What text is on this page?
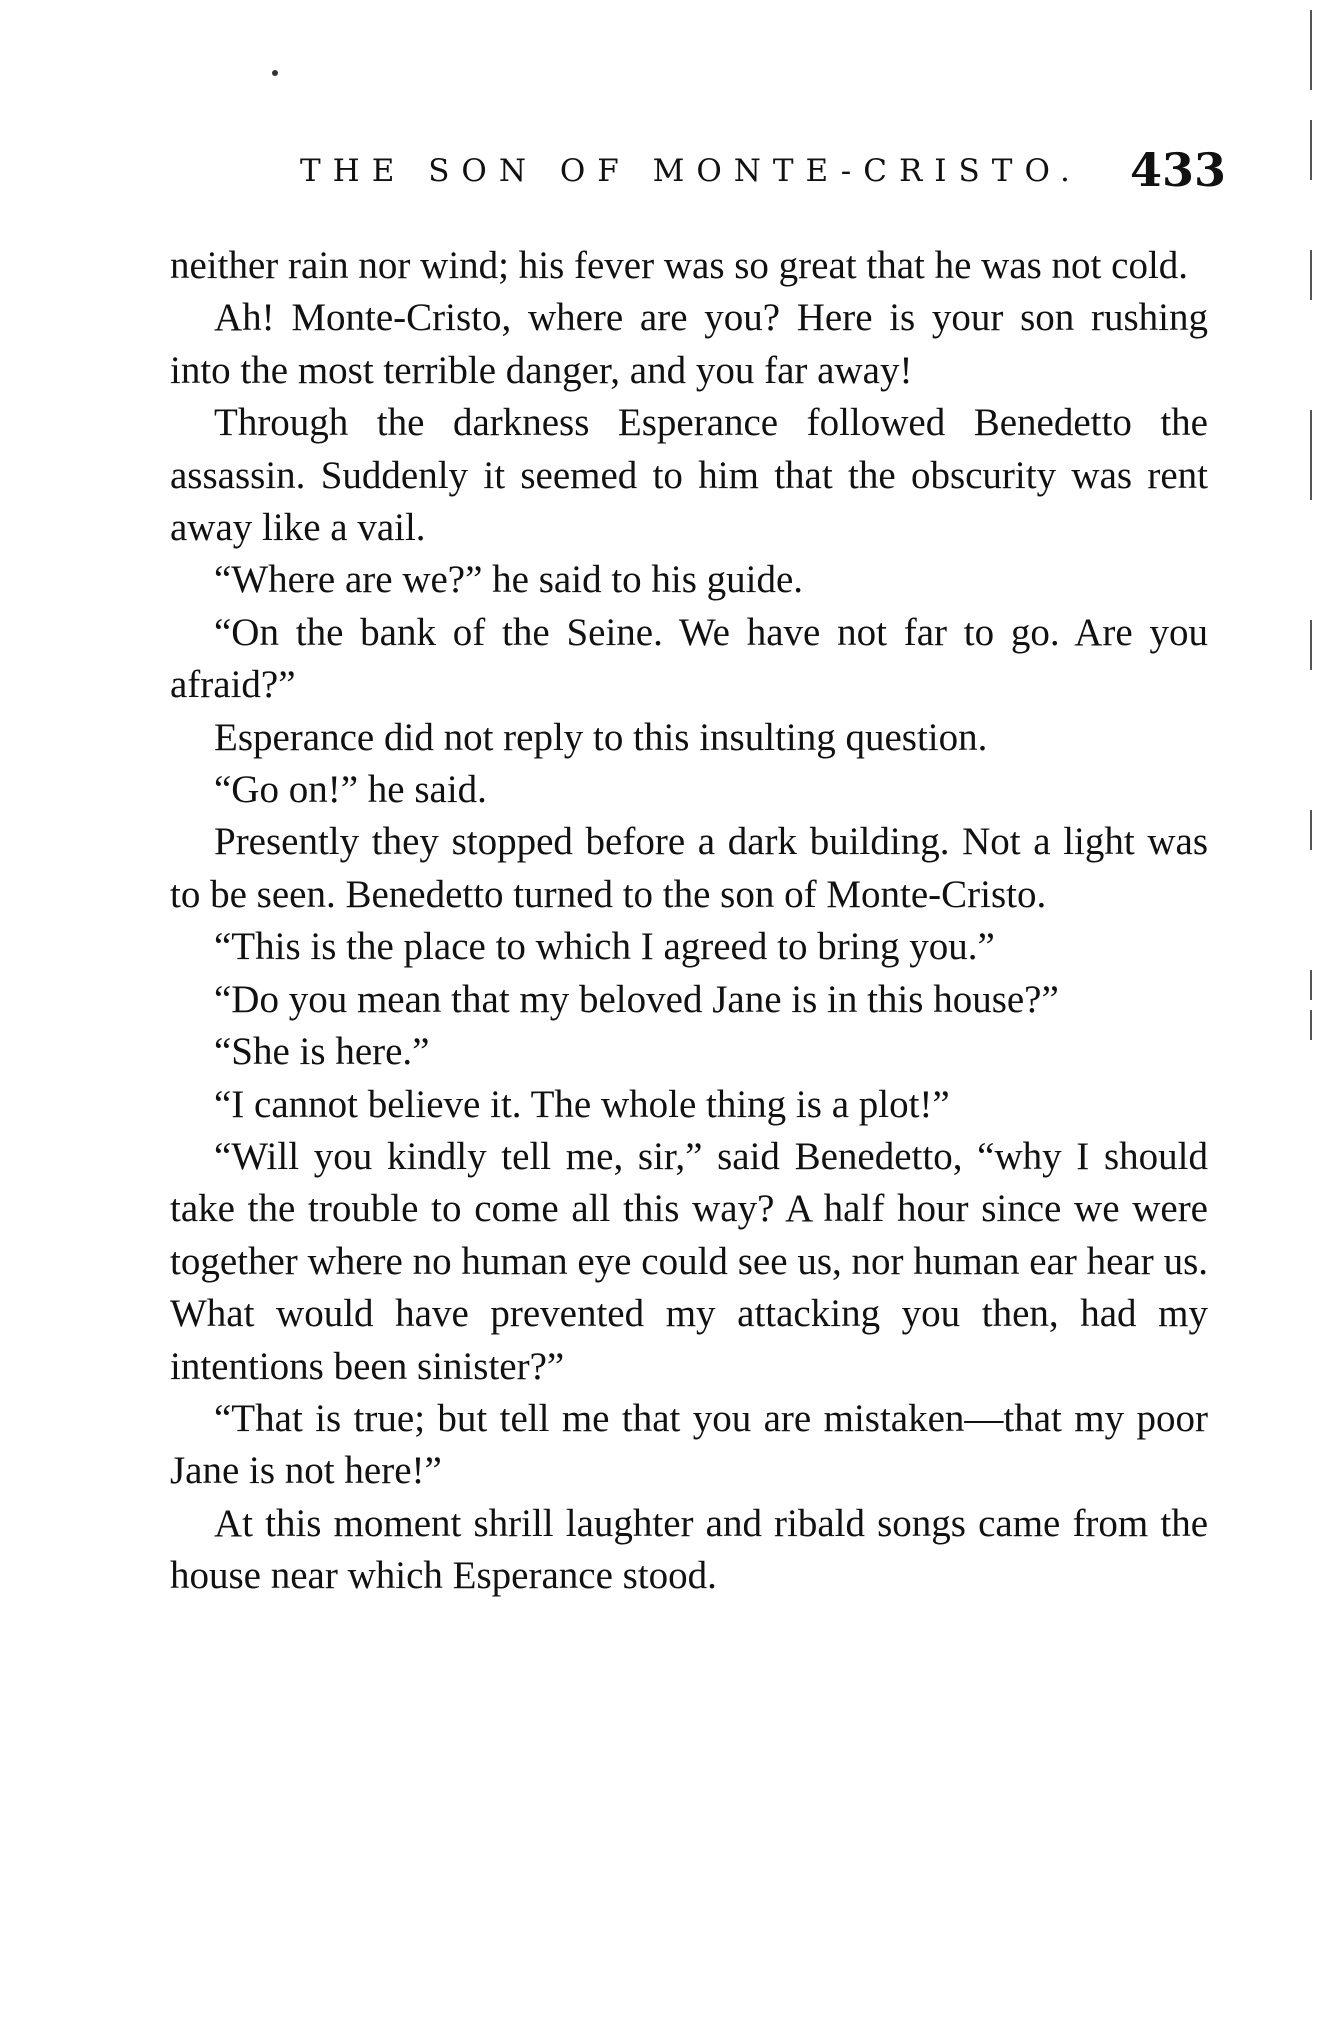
THE SON OF MONTE-CRISTO. 433

neither rain nor wind; his fever was so great that he was not cold.

Ah! Monte-Cristo, where are you? Here is your son rushing into the most terrible danger, and you far away!

Through the darkness Esperance followed Benedetto the assassin. Suddenly it seemed to him that the obscurity was rent away like a vail.

“Where are we?” he said to his guide.

“On the bank of the Seine. We have not far to go. Are you afraid?”

Esperance did not reply to this insulting question.

“Go on!” he said.

Presently they stopped before a dark building. Not a light was to be seen. Benedetto turned to the son of Monte-Cristo.

“This is the place to which I agreed to bring you.”

“Do you mean that my beloved Jane is in this house?”

“She is here.”

“I cannot believe it. The whole thing is a plot!”

“Will you kindly tell me, sir,” said Benedetto, “why I should take the trouble to come all this way? A half hour since we were together where no human eye could see us, nor human ear hear us. What would have prevented my attacking you then, had my intentions been sinister?”

“That is true; but tell me that you are mistaken—that my poor Jane is not here!”

At this moment shrill laughter and ribald songs came from the house near which Esperance stood.
